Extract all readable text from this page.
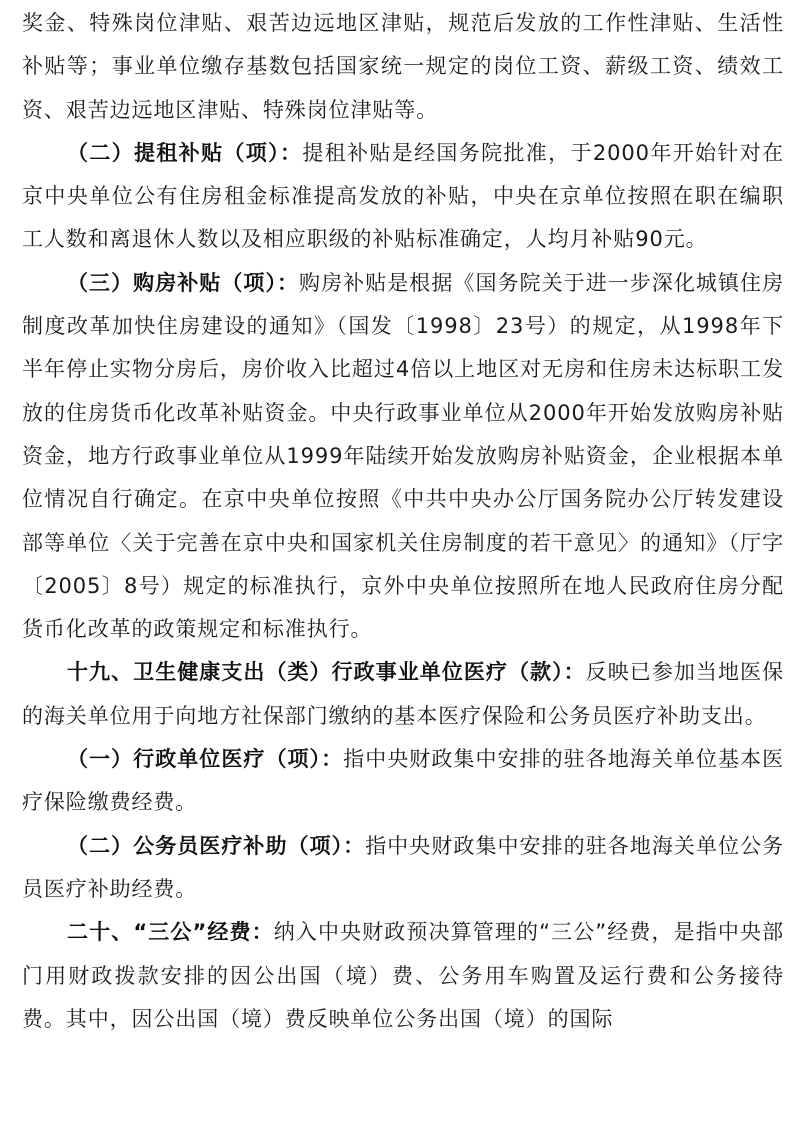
奖金、特殊岗位津贴、艰苦边远地区津贴，规范后发放的工作性津贴、生活性补贴等；事业单位缴存基数包括国家统一规定的岗位工资、薪级工资、绩效工资、艰苦边远地区津贴、特殊岗位津贴等。

（二）提租补贴（项）：提租补贴是经国务院批准，于2000年开始针对在京中央单位公有住房租金标准提高发放的补贴，中央在京单位按照在职在编职工人数和离退休人数以及相应职级的补贴标准确定，人均月补贴90元。

（三）购房补贴（项）：购房补贴是根据《国务院关于进一步深化城镇住房制度改革加快住房建设的通知》（国发〔1998〕23号）的规定，从1998年下半年停止实物分房后，房价收入比超过4倍以上地区对无房和住房未达标职工发放的住房货币化改革补贴资金。中央行政事业单位从2000年开始发放购房补贴资金，地方行政事业单位从1999年陆续开始发放购房补贴资金，企业根据本单位情况自行确定。在京中央单位按照《中共中央办公厅国务院办公厅转发建设部等单位〈关于完善在京中央和国家机关住房制度的若干意见〉的通知》（厅字〔2005〕8号）规定的标准执行，京外中央单位按照所在地人民政府住房分配货币化改革的政策规定和标准执行。

十九、卫生健康支出（类）行政事业单位医疗（款）：反映已参加当地医保的海关单位用于向地方社保部门缴纳的基本医疗保险和公务员医疗补助支出。

（一）行政单位医疗（项）：指中央财政集中安排的驻各地海关单位基本医疗保险缴费经费。

（二）公务员医疗补助（项）：指中央财政集中安排的驻各地海关单位公务员医疗补助经费。

二十、“三公”经费：纳入中央财政预决算管理的“三公”经费，是指中央部门用财政拨款安排的因公出国（境）费、公务用车购置及运行费和公务接待费。其中，因公出国（境）费反映单位公务出国（境）的国际
